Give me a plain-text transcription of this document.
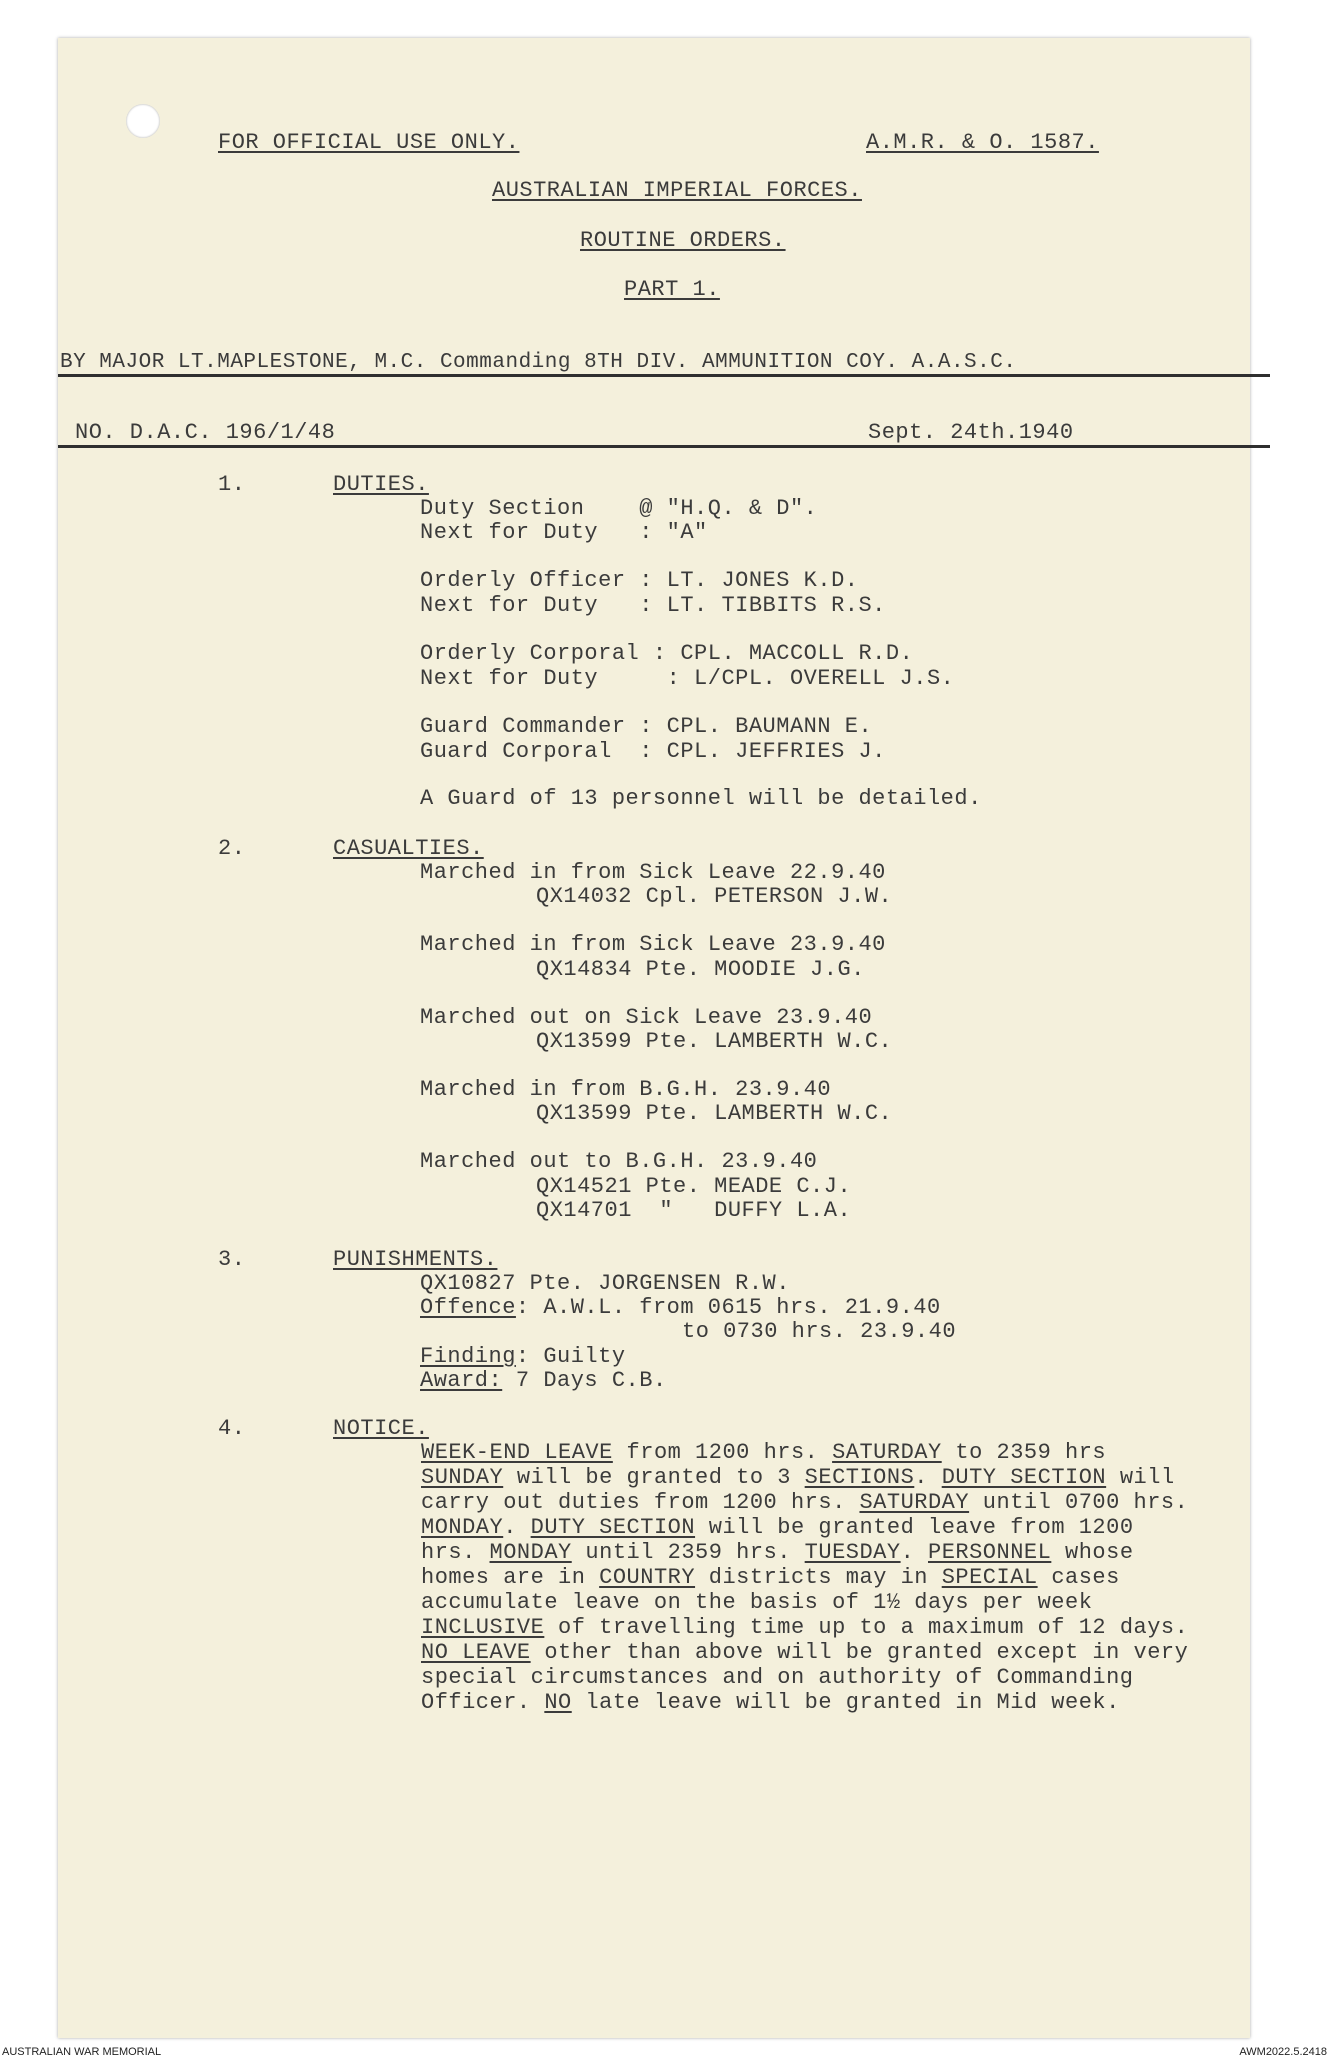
FOR OFFICIAL USE ONLY.	A.M.R. & O. 1587.
AUSTRALIAN IMPERIAL FORCES.
ROUTINE ORDERS.
PART 1.
BY MAJOR LT.MAPLESTONE, M.C. Commanding 8TH DIV. AMMUNITION COY. A.A.S.C.
NO. D.A.C. 196/1/48	Sept. 24th.1940
1.	DUTIES.
Duty Section    @ "H.Q. & D".
Next for Duty   : "A"
Orderly Officer : LT. JONES K.D.
Next for Duty   : LT. TIBBITS R.S.
Orderly Corporal : CPL. MACCOLL R.D.
Next for Duty     : L/CPL. OVERELL J.S.
Guard Commander : CPL. BAUMANN E.
Guard Corporal  : CPL. JEFFRIES J.
A Guard of 13 personnel will be detailed.
2.	CASUALTIES.
Marched in from Sick Leave 22.9.40
QX14032 Cpl. PETERSON J.W.
Marched in from Sick Leave 23.9.40
QX14834 Pte. MOODIE J.G.
Marched out on Sick Leave 23.9.40
QX13599 Pte. LAMBERTH W.C.
Marched in from B.G.H. 23.9.40
QX13599 Pte. LAMBERTH W.C.
Marched out to B.G.H. 23.9.40
QX14521 Pte. MEADE C.J.
QX14701  "   DUFFY L.A.
3.	PUNISHMENTS.
QX10827 Pte. JORGENSEN R.W.
Offence: A.W.L. from 0615 hrs. 21.9.40
to 0730 hrs. 23.9.40
Finding: Guilty
Award: 7 Days C.B.
4.	NOTICE.
WEEK-END LEAVE from 1200 hrs. SATURDAY to 2359 hrs SUNDAY will be granted to 3 SECTIONS. DUTY SECTION will carry out duties from 1200 hrs. SATURDAY until 0700 hrs. MONDAY. DUTY SECTION will be granted leave from 1200 hrs. MONDAY until 2359 hrs. TUESDAY. PERSONNEL whose homes are in COUNTRY districts may in SPECIAL cases accumulate leave on the basis of 1½ days per week INCLUSIVE of travelling time up to a maximum of 12 days. NO LEAVE other than above will be granted except in very special circumstances and on authority of Commanding Officer. NO late leave will be granted in Mid week.
AUSTRALIAN WAR MEMORIAL	AWM2022.5.2418
